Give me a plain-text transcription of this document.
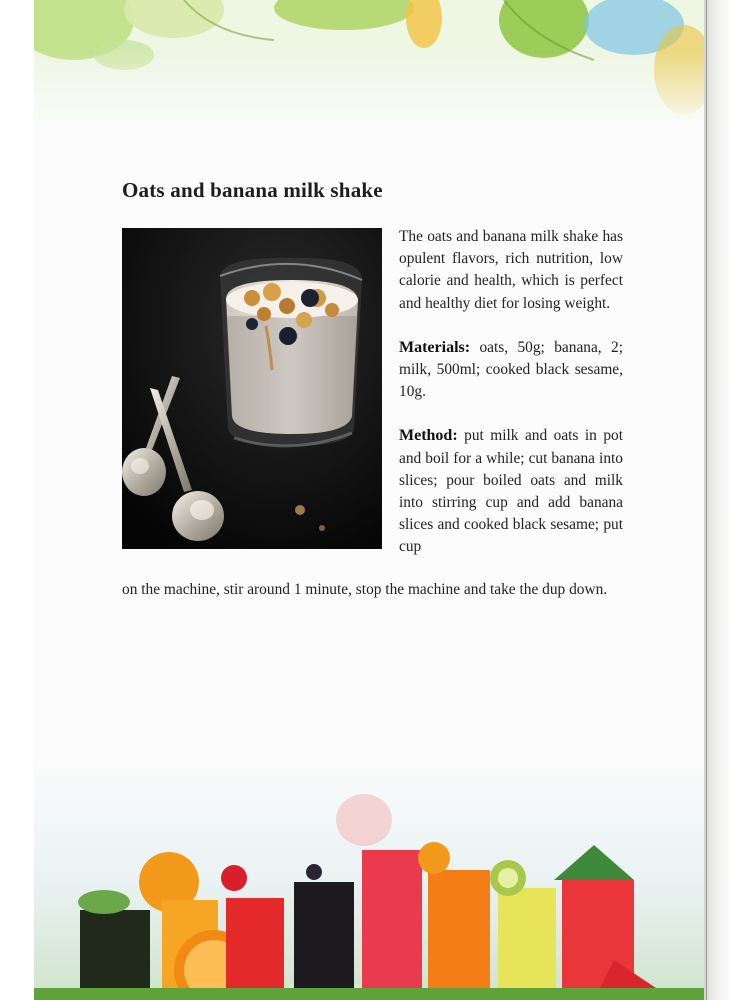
Oats and banana milk shake

The oats and banana milk shake has opulent flavors, rich nutrition, low calorie and health, which is perfect and healthy diet for losing weight.

Materials: oats, 50g; banana, 2; milk, 500ml; cooked black sesame, 10g.

Method: put milk and oats in pot and boil for a while; cut banana into slices; pour boiled oats and milk into stirring cup and add banana slices and cooked black sesame; put cup

on the machine, stir around 1 minute, stop the machine and take the dup down.
